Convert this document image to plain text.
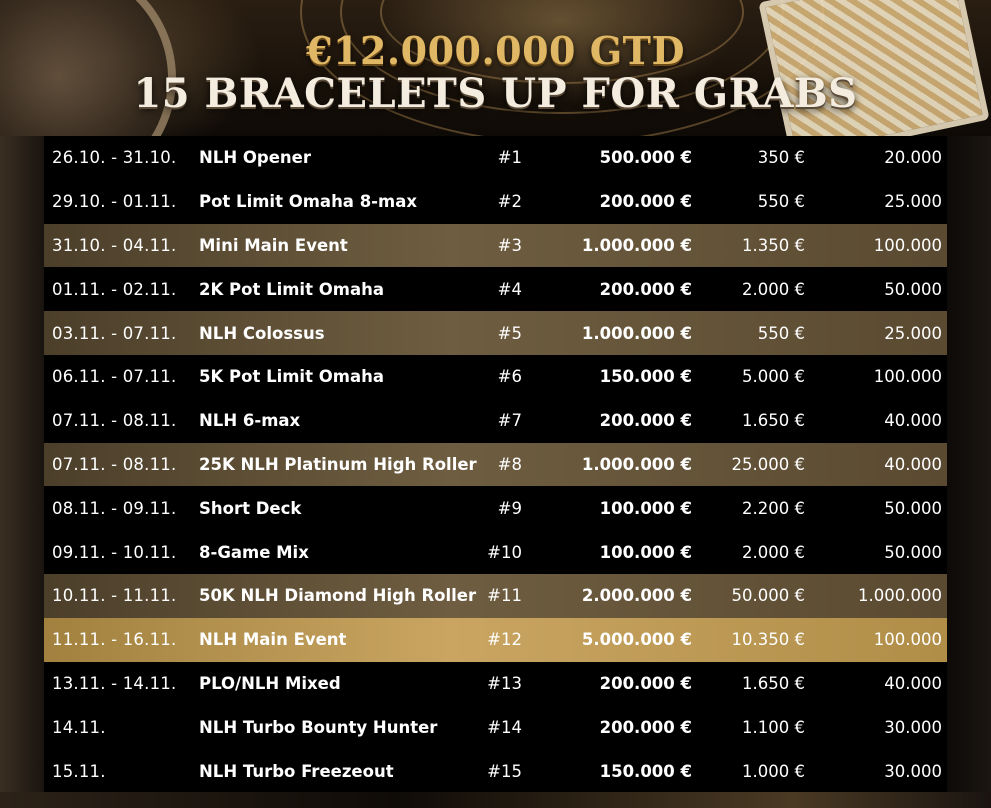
€12.000.000 GTD
15 BRACELETS UP FOR GRABS
26.10. - 31.10. NLH Opener	#1	500.000 €	350 €	20.000
29.10. - 01.11. Pot Limit Omaha 8-max	#2	200.000 €	550 €	25.000
31.10. - 04.11. Mini Main Event	#3	1.000.000 €	1.350 €	100.000
01.11. - 02.11. 2K Pot Limit Omaha	#4	200.000 €	2.000 €	50.000
03.11. - 07.11. NLH Colossus	#5	1.000.000 €	550 €	25.000
06.11. - 07.11. 5K Pot Limit Omaha	#6	150.000 €	5.000 €	100.000
07.11. - 08.11. NLH 6-max	#7	200.000 €	1.650 €	40.000
07.11. - 08.11. 25K NLH Platinum High Roller #8	1.000.000 € 25.000 €	40.000
08.11. - 09.11. Short Deck	#9	100.000 €	2.200 €	50.000
09.11. - 10.11. 8-Game Mix	#10	100.000 €	2.000 €	50.000
10.11. - 11.11. 50K NLH Diamond High Roller #11	2.000.000 € 50.000 €	1.000.000
11.11. - 16.11. NLH Main Event	#12	5.000.000 € 10.350 €	100.000
13.11. - 14.11. PLO/NLH Mixed	#13	200.000 €	1.650 €	40.000
14.11.	NLH Turbo Bounty Hunter	#14	200.000 €	1.100 €	30.000
15.11.	NLH Turbo Freezeout	#15	150.000 €	1.000 €	30.000
